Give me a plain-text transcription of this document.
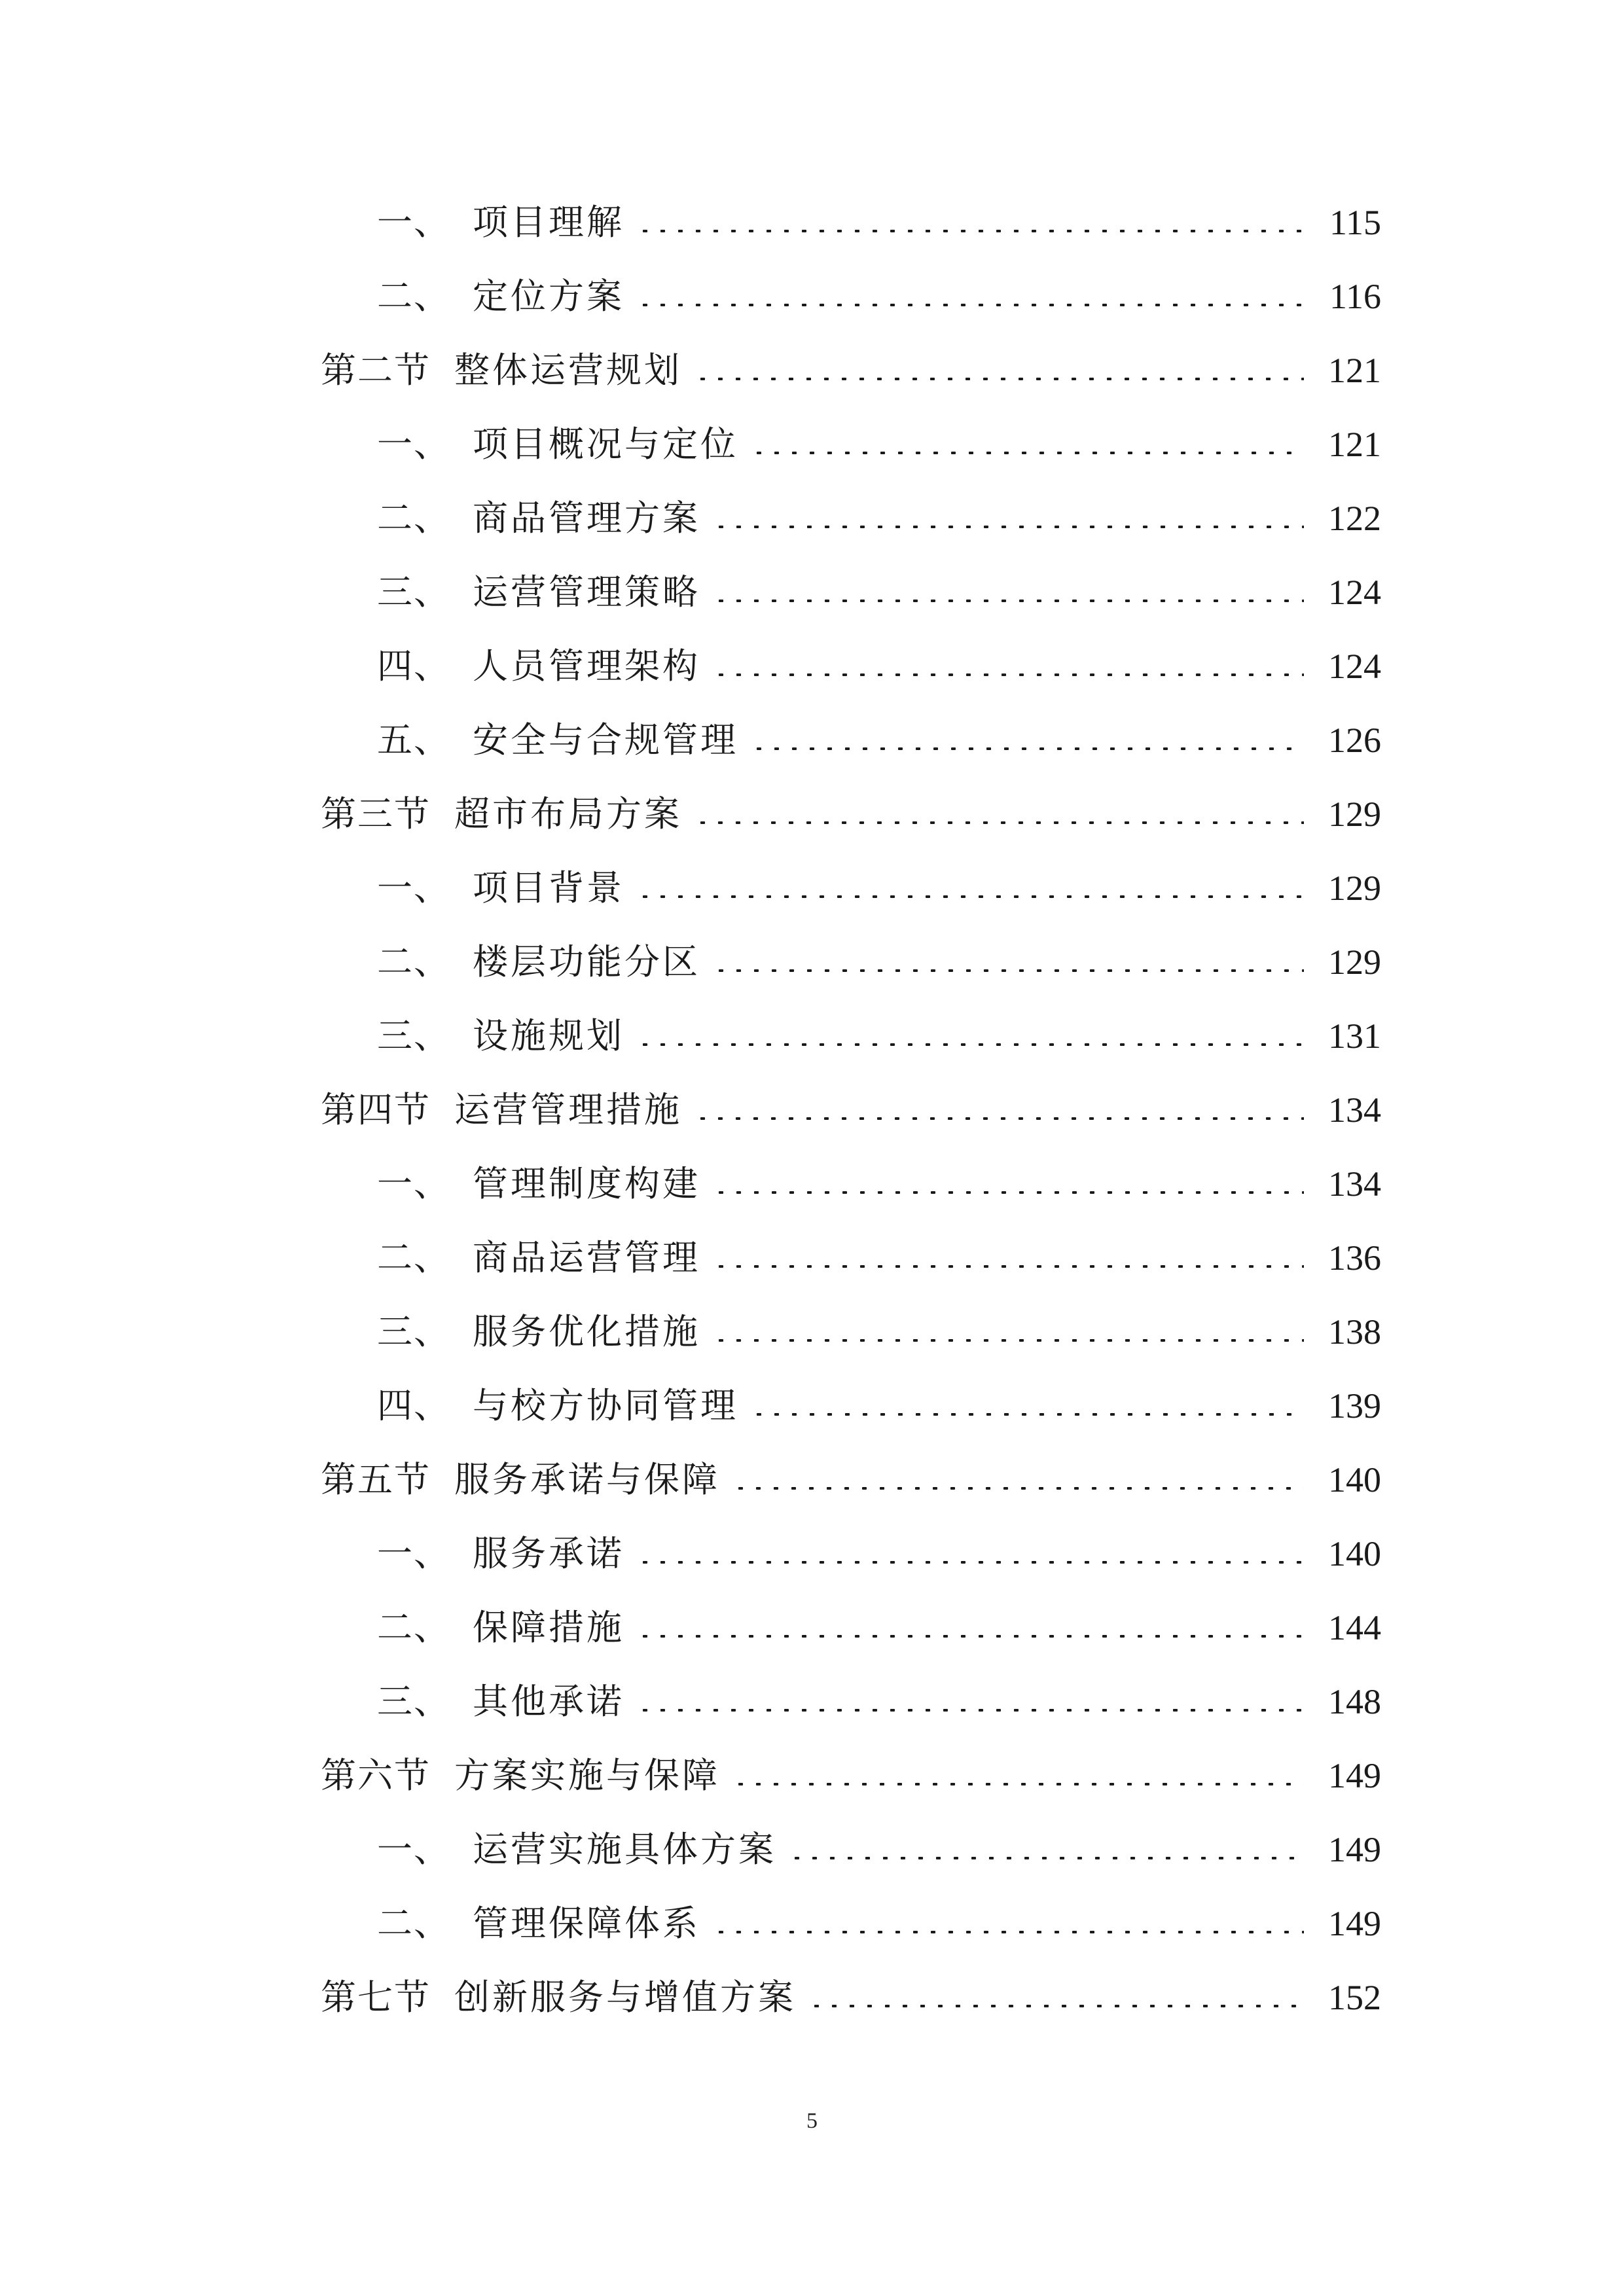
一、 项目理解	115
二、 定位方案	116
第二节 整体运营规划	121
一、 项目概况与定位	121
二、 商品管理方案	122
三、 运营管理策略	124
四、 人员管理架构	124
五、 安全与合规管理	126
第三节 超市布局方案	129
一、 项目背景	129
二、 楼层功能分区	129
三、 设施规划	131
第四节 运营管理措施	134
一、 管理制度构建	134
二、 商品运营管理	136
三、 服务优化措施	138
四、 与校方协同管理	139
第五节 服务承诺与保障	140
一、 服务承诺	140
二、 保障措施	144
三、 其他承诺	148
第六节 方案实施与保障	149
一、 运营实施具体方案	149
二、 管理保障体系	149
第七节 创新服务与增值方案	152
5
